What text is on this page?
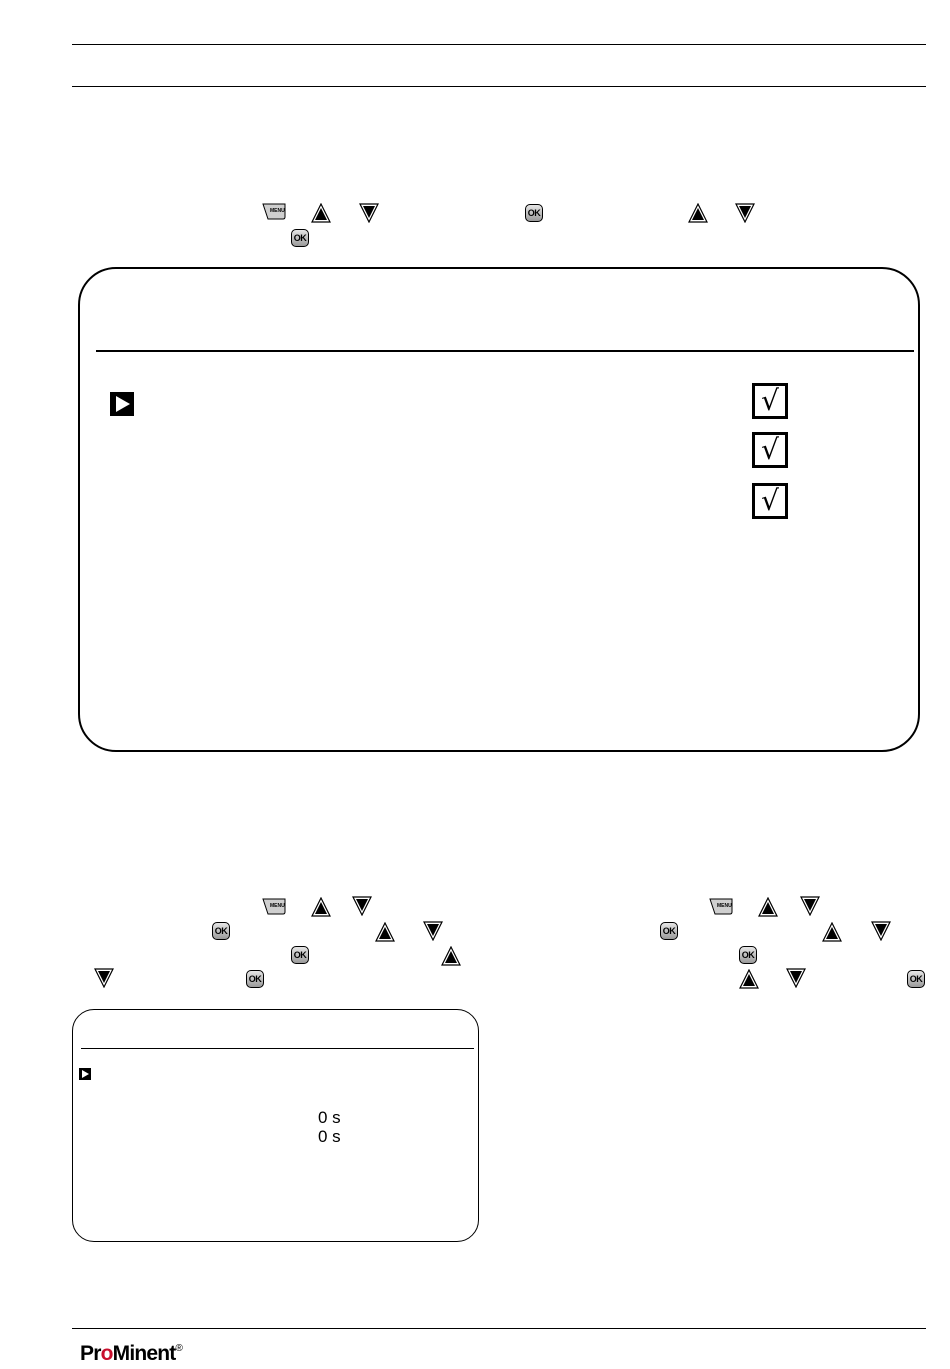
MENU	OK
OK
√
√
√
MENU
OK
OK
OK
MENU
OK
OK
OK
0 s
0 s
ProMinent®
